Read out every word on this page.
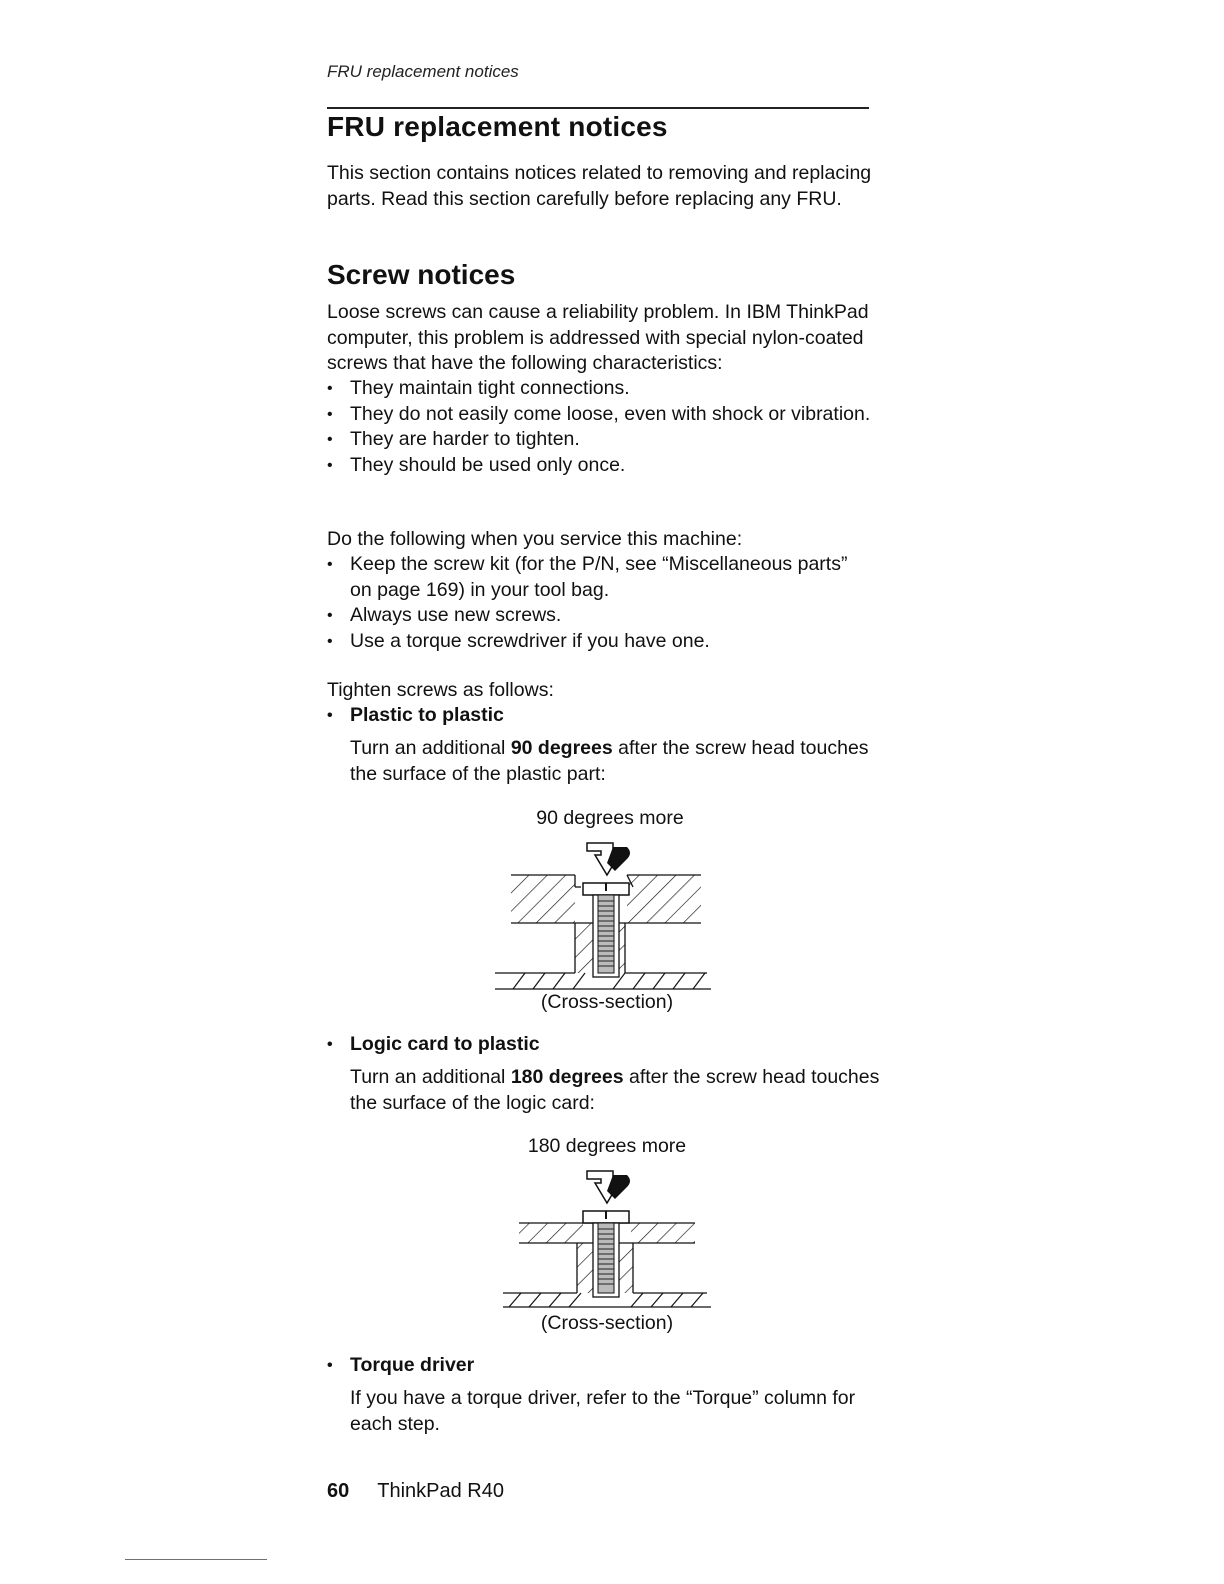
FRU replacement notices
FRU replacement notices

This section contains notices related to removing and replacing parts. Read this section carefully before replacing any FRU.

Screw notices

Loose screws can cause a reliability problem. In IBM ThinkPad computer, this problem is addressed with special nylon-coated screws that have the following characteristics:

• They maintain tight connections.
• They do not easily come loose, even with shock or vibration.
• They are harder to tighten.
• They should be used only once.

Do the following when you service this machine:

• Keep the screw kit (for the P/N, see “Miscellaneous parts” on page 169) in your tool bag.
• Always use new screws.
• Use a torque screwdriver if you have one.

Tighten screws as follows:

• Plastic to plastic

Turn an additional 90 degrees after the screw head touches the surface of the plastic part:

90 degrees more
(Cross-section)
• Logic card to plastic

Turn an additional 180 degrees after the screw head touches the surface of the logic card:

180 degrees more
(Cross-section)
• Torque driver

If you have a torque driver, refer to the “Torque” column for each step.

60 ThinkPad R40
